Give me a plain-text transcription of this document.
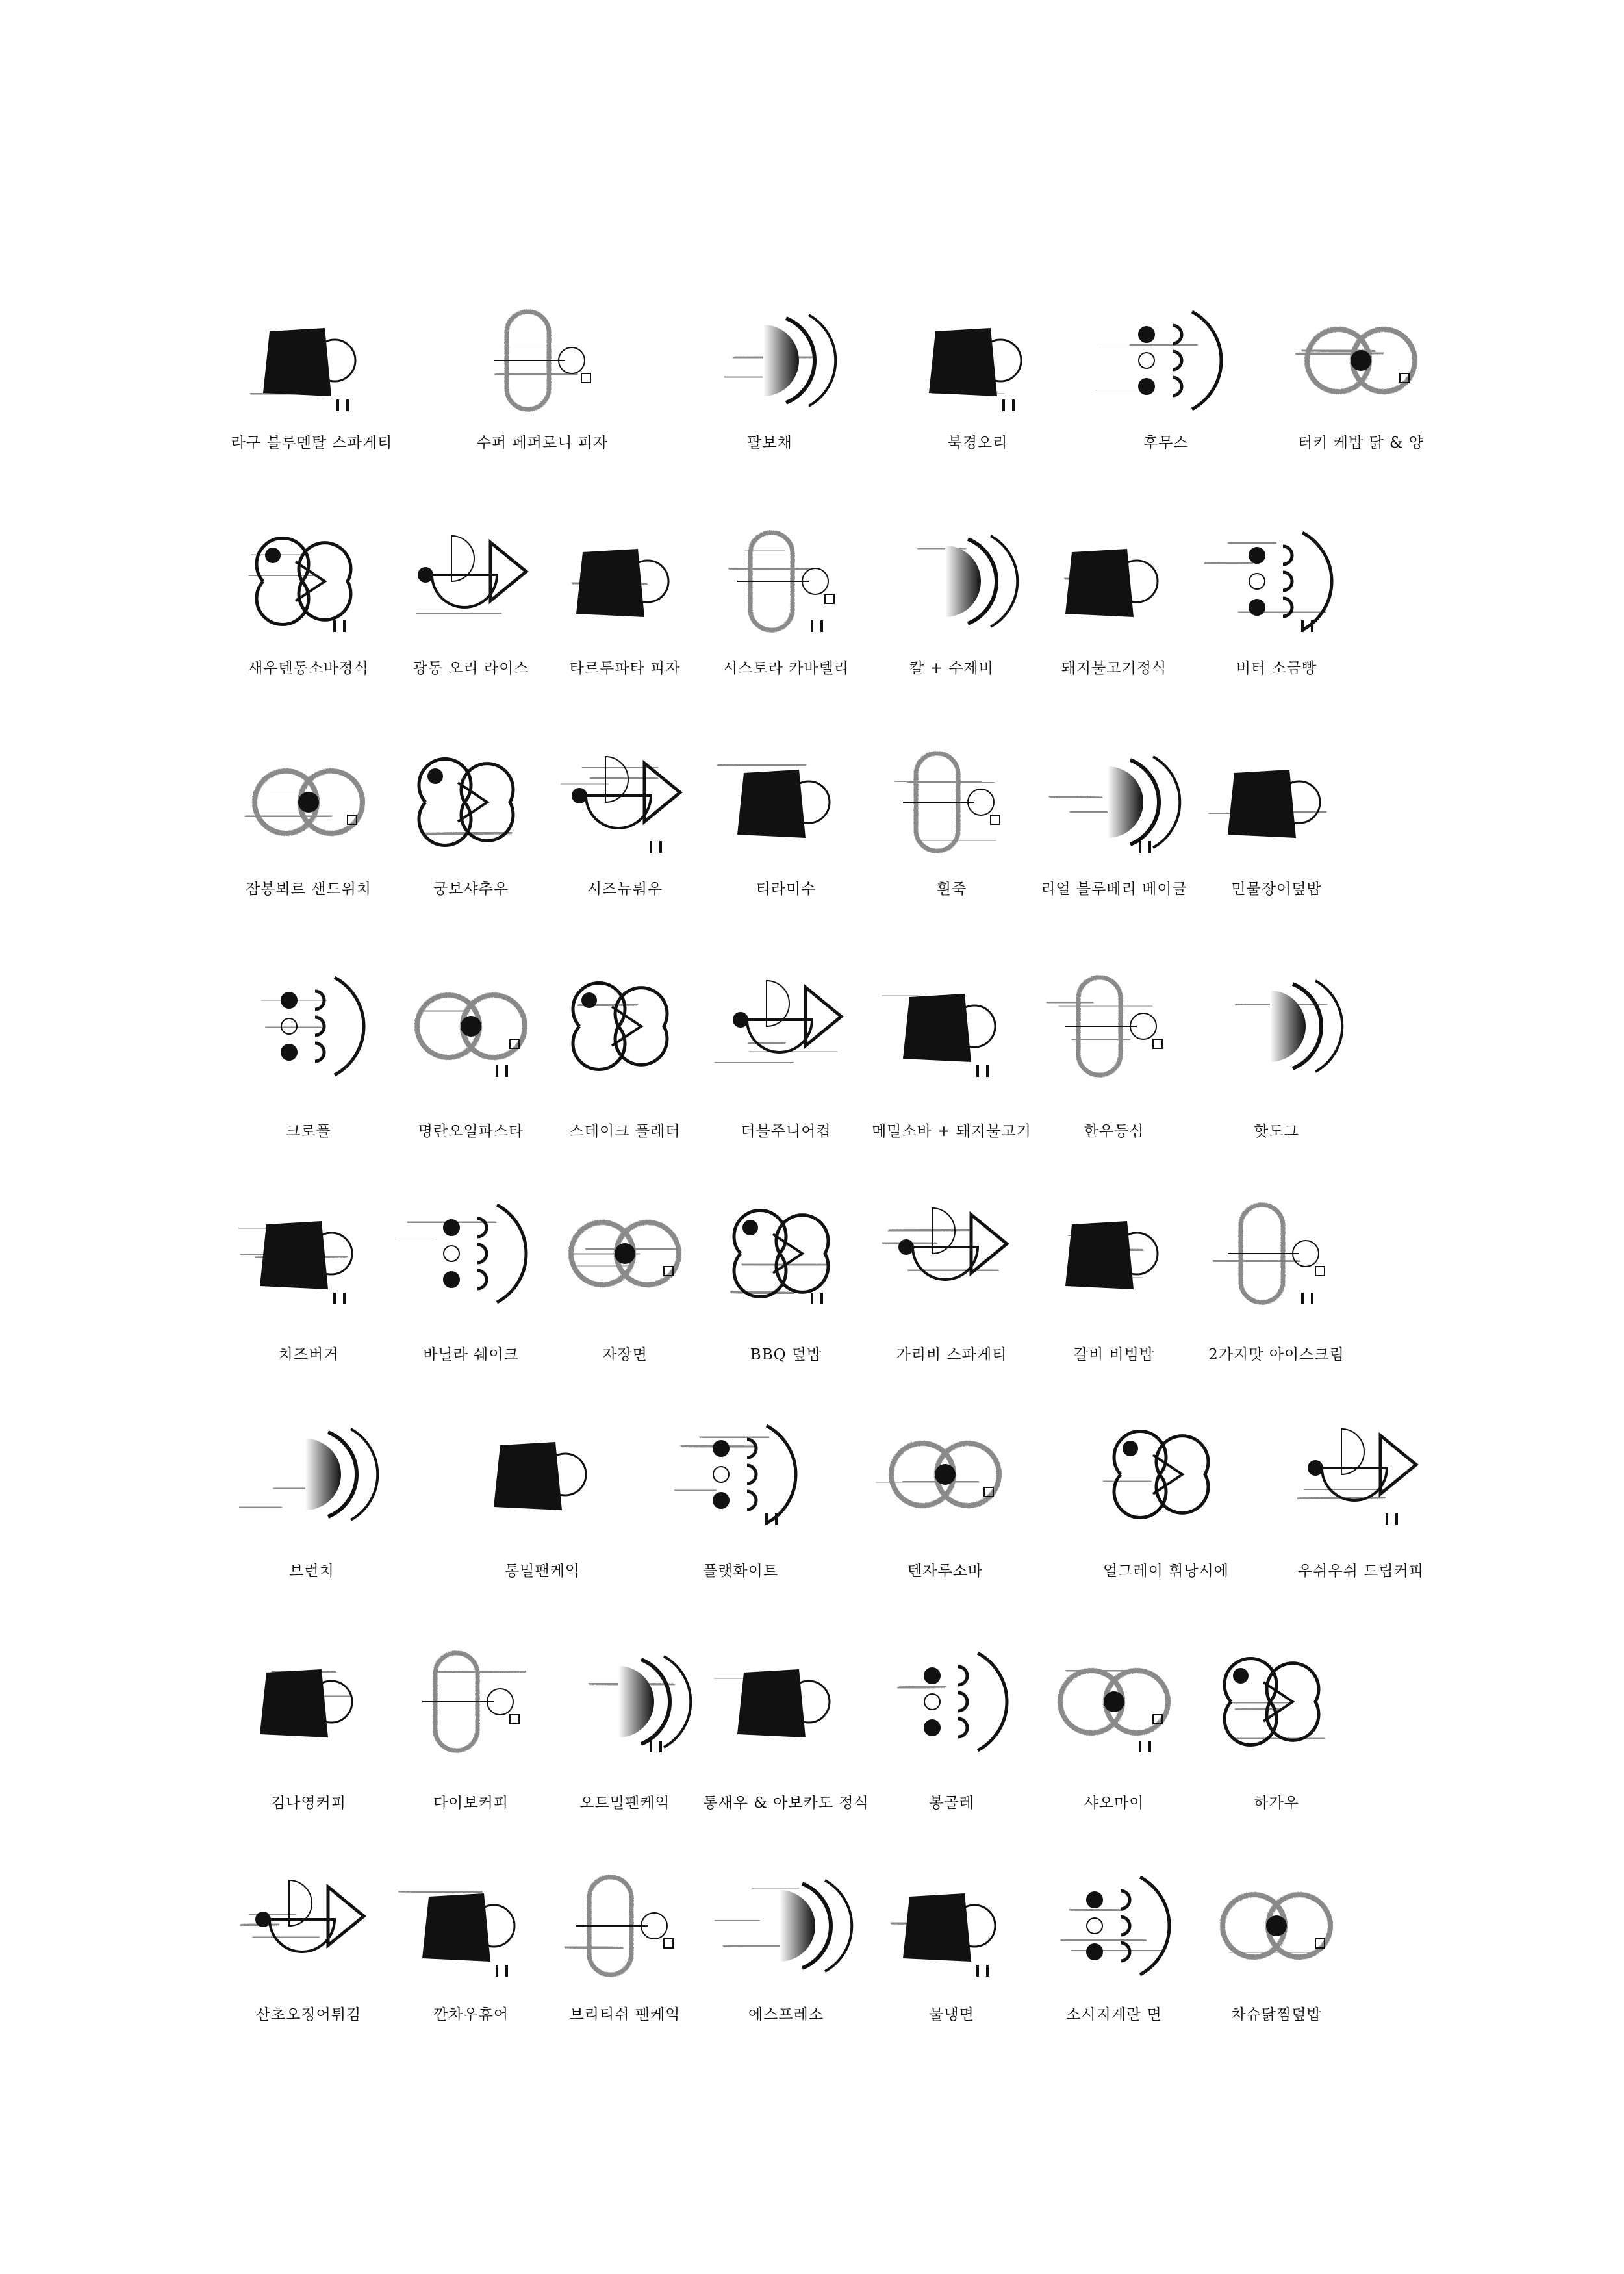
라구 블루멘탈 스파게티	수퍼 페퍼로니 피자	팔보채	북경오리	후무스	터키 케밥 닭 & 양
새우텐동소바정식	광동 오리 라이스	타르투파타 피자	시스토라 카바텔리	칼 + 수제비	돼지불고기정식	버터 소금빵
잠봉뵈르 샌드위치	궁보샤추우	시즈뉴뤄우	티라미수	흰죽	리얼 블루베리 베이글	민물장어덮밥
크로플	명란오일파스타	스테이크 플래터	더블주니어컵	메밀소바 + 돼지불고기	한우등심	핫도그
치즈버거	바닐라 쉐이크	자장면	BBQ 덮밥	가리비 스파게티	갈비 비빔밥	2가지맛 아이스크림
브런치	통밀팬케익	플랫화이트	텐자루소바	얼그레이 휘낭시에	우쉬우쉬 드립커피
김나영커피	다이보커피	오트밀팬케익 통새우 & 아보카도 정식	봉골레	샤오마이	하가우
산초오징어튀김	깐차우휴어	브리티쉬 팬케익	에스프레소	물냉면	소시지계란 면	차슈닭찜덮밥
